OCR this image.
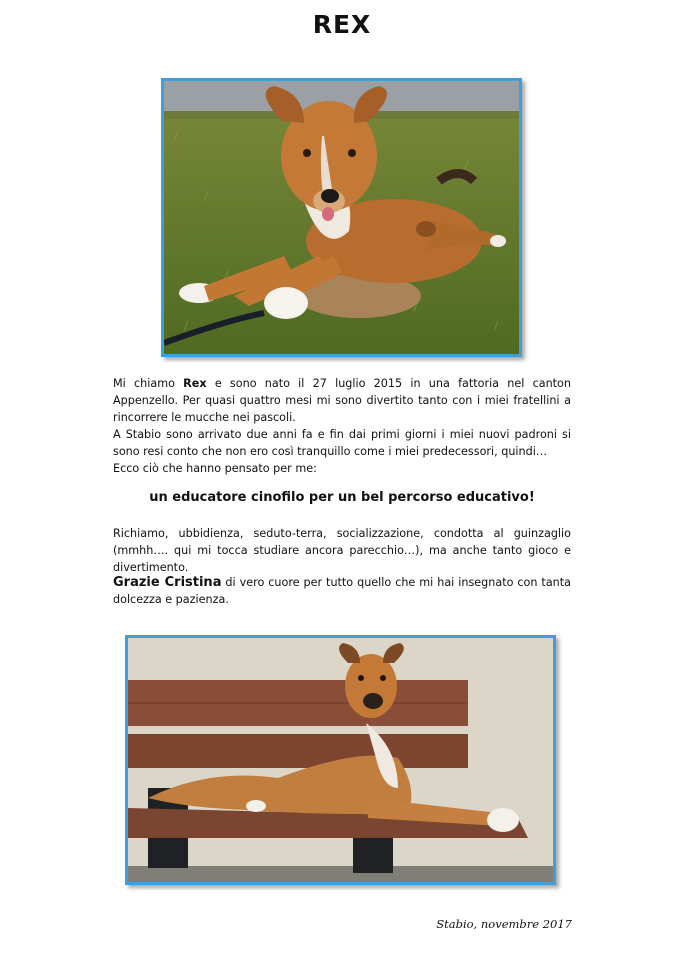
REX

Mi chiamo Rex e sono nato il 27 luglio 2015 in una fattoria nel canton Appenzello. Per quasi quattro mesi mi sono divertito tanto con i miei fratellini a rincorrere le mucche nei pascoli.
A Stabio sono arrivato due anni fa e fin dai primi giorni i miei nuovi padroni si sono resi conto che non ero così tranquillo come i miei predecessori, quindi…
Ecco ciò che hanno pensato per me:

un educatore cinofilo per un bel percorso educativo!

Richiamo, ubbidienza, seduto-terra, socializzazione, condotta al guinzaglio (mmhh…. qui mi tocca studiare ancora parecchio…), ma anche tanto gioco e divertimento.

Grazie Cristina di vero cuore per tutto quello che mi hai insegnato con tanta dolcezza e pazienza.

Stabio, novembre 2017
